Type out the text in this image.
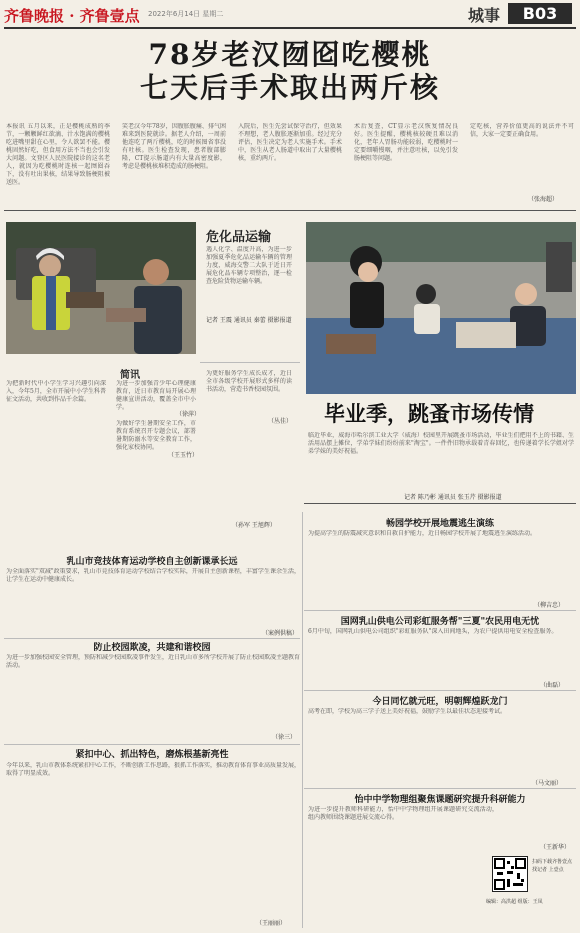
齐鲁晚报 · 齐鲁壹点 2022年6月14日 星期二	城事	B03
78岁老汉囫囵吃樱桃
七天后手术取出两斤核
本报讯 五月以来，正是樱桃成熟的季节，一颗颗鲜红欲滴、汁水饱满的樱桃吃进嘴里甜在心里，令人欲罢不能。樱桃固然好吃，但食用方法不当也会引发大问题。文登区人民医院接诊的这名老人，就因为吃樱桃时连核一起囫囵吞下，没有吐出果核，结果导致肠梗阻被送医。
笑老汉今年78岁，因腹胀腹痛、排气困难来到医院就诊。据老人介绍，一周前他连吃了两斤樱桃，吃的时候图省事没有吐核。医生检查发现，患者腹部膨隆，CT提示肠道内有大量高密度影，考虑是樱桃核堆积造成的肠梗阻。
入院后，医生先尝试保守治疗，但效果不理想，老人腹胀逐渐加重。经过充分评估，医生决定为老人实施手术。手术中，医生从老人肠道中取出了大量樱桃核，重约两斤。
术后复查，CT显示老汉恢复情况良好。医生提醒，樱桃核较硬且难以消化，老年人胃肠功能较弱，吃樱桃时一定要细嚼慢咽，并注意吐核，以免引发肠梗阻等问题。
定吃核，营养价值更高的说法并不可信，大家一定要正确食用。
（张海超）
危化品运输
遇人化学、温度升高，为进一步加强夏季危化品运输车辆的管理力度，威海交警二大队于近日开展危化品车辆专项整治，逐一检查危险货物运输车辆。
记者 王震 通讯员 秦蕾 摄影报道
简讯
为把新时代中小学生学习兴趣引向深入，今年5月，全市开展中小学生科普征文活动，共收到作品千余篇。
为进一步加强青少年心理健康教育，近日市教育局开展心理健康宣讲活动，覆盖全市中小学。
（徐萍）
为做好学生暑期安全工作，市教育系统召开专题会议，部署暑期防溺水等安全教育工作，强化家校协同。
（王玉竹）
为更好服务学生成长成才，近日全市各级学校开展形式多样的读书活动，营造书香校园氛围。
（丛佳）
（孙军 王旭辉）
毕业季，跳蚤市场传情
临近毕业，威海市哈尔滨工业大学（威海）校园里开展跳蚤市场活动，毕业生们把用不上的书籍、生活用品摆上摊位，学弟学妹们纷纷前来"淘宝"。一件件旧物承载着青春回忆，也传递着学长学姐对学弟学妹的美好祝福。
记者 陈乃彬 通讯员 张玉芹 摄影报道
乳山市竞技体育运动学校自主创新课承长远
为全面落实"双减"政策要求，乳山市竞技体育运动学校结合学校实际，开展自主创新课程，丰富学生课余生活，让学生在运动中健康成长。
（案例供稿）
防止校园欺凌，共建和谐校园
为进一步加强校园安全管理，预防和减少校园欺凌事件发生，近日乳山市多所学校开展了防止校园欺凌主题教育活动。
（徐三）
紧扣中心、抓出特色，磨炼根基新亮性
今年以来，乳山市教体系统紧扣中心工作，不断创新工作思路，狠抓工作落实，推动教育体育事业高质量发展，取得了明显成效。
（王丽丽）
畅园学校开展地震逃生演练
为提高学生的防震减灾意识和自救自护能力，近日畅园学校开展了地震逃生演练活动。
（柳吉忠）
国网乳山供电公司彩虹服务帮"三夏"农民用电无忧
6月中旬，国网乳山供电公司组织"彩虹服务队"深入田间地头，为农户提供用电安全检查服务。
（曲磊）
今日同忆就元旺，明朝辉煌跃龙门
高考在即，学校为高三学子送上美好祝福，鼓励学生以最佳状态迎接考试。
（马文丽）
怡中中学物理组聚焦课题研究提升科研能力
为进一步提升教师科研能力，怡中中学物理组开展课题研究交流活动，组内教师围绕课题进展交流心得。
（王新华）
扫码下载齐鲁壹点 找记者 上壹点
编辑：高洪超 组版：王凤
